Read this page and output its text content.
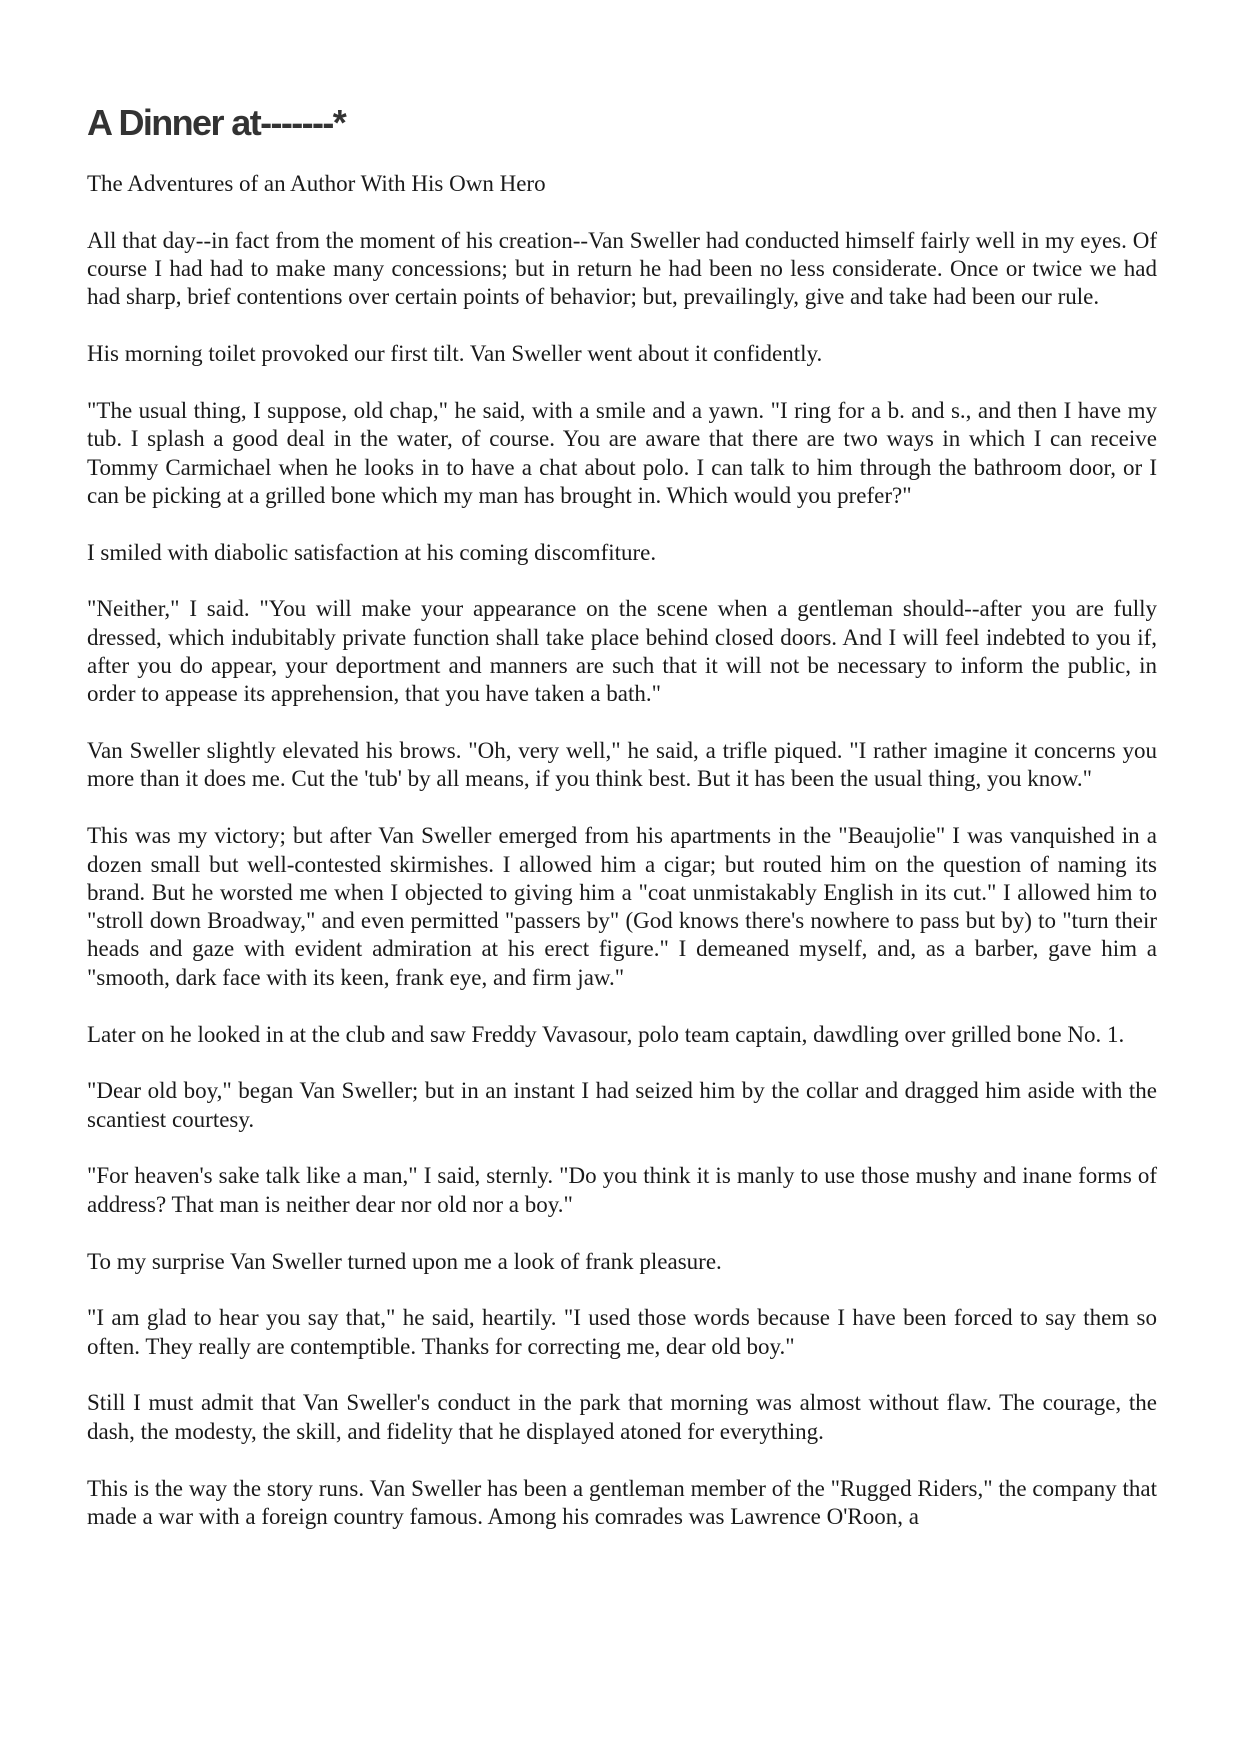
A Dinner at-------*

The Adventures of an Author With His Own Hero

All that day--in fact from the moment of his creation--Van Sweller had conducted himself fairly well in my eyes. Of course I had had to make many concessions; but in return he had been no less considerate. Once or twice we had had sharp, brief contentions over certain points of behavior; but, prevailingly, give and take had been our rule.

His morning toilet provoked our first tilt. Van Sweller went about it confidently.

"The usual thing, I suppose, old chap," he said, with a smile and a yawn. "I ring for a b. and s., and then I have my tub. I splash a good deal in the water, of course. You are aware that there are two ways in which I can receive Tommy Carmichael when he looks in to have a chat about polo. I can talk to him through the bathroom door, or I can be picking at a grilled bone which my man has brought in. Which would you prefer?"

I smiled with diabolic satisfaction at his coming discomfiture.

"Neither," I said. "You will make your appearance on the scene when a gentleman should--after you are fully dressed, which indubitably private function shall take place behind closed doors. And I will feel indebted to you if, after you do appear, your deportment and manners are such that it will not be necessary to inform the public, in order to appease its apprehension, that you have taken a bath."

Van Sweller slightly elevated his brows. "Oh, very well," he said, a trifle piqued. "I rather imagine it concerns you more than it does me. Cut the 'tub' by all means, if you think best. But it has been the usual thing, you know."

This was my victory; but after Van Sweller emerged from his apartments in the "Beaujolie" I was vanquished in a dozen small but well-contested skirmishes. I allowed him a cigar; but routed him on the question of naming its brand. But he worsted me when I objected to giving him a "coat unmistakably English in its cut." I allowed him to "stroll down Broadway," and even permitted "passers by" (God knows there's nowhere to pass but by) to "turn their heads and gaze with evident admiration at his erect figure." I demeaned myself, and, as a barber, gave him a "smooth, dark face with its keen, frank eye, and firm jaw."

Later on he looked in at the club and saw Freddy Vavasour, polo team captain, dawdling over grilled bone No. 1.

"Dear old boy," began Van Sweller; but in an instant I had seized him by the collar and dragged him aside with the scantiest courtesy.

"For heaven's sake talk like a man," I said, sternly. "Do you think it is manly to use those mushy and inane forms of address? That man is neither dear nor old nor a boy."

To my surprise Van Sweller turned upon me a look of frank pleasure.

"I am glad to hear you say that," he said, heartily. "I used those words because I have been forced to say them so often. They really are contemptible. Thanks for correcting me, dear old boy."

Still I must admit that Van Sweller's conduct in the park that morning was almost without flaw. The courage, the dash, the modesty, the skill, and fidelity that he displayed atoned for everything.

This is the way the story runs. Van Sweller has been a gentleman member of the "Rugged Riders," the company that made a war with a foreign country famous. Among his comrades was Lawrence O'Roon, a
